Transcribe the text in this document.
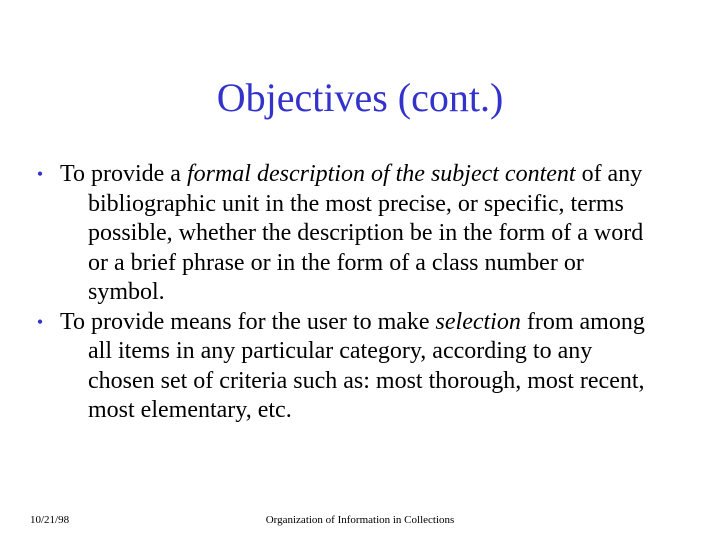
Objectives (cont.)
• To provide a formal description of the subject content of any bibliographic unit in the most precise, or specific, terms possible, whether the description be in the form of a word or a brief phrase or in the form of a class number or symbol.
• To provide means for the user to make selection from among all items in any particular category, according to any chosen set of criteria such as: most thorough, most recent, most elementary, etc.
10/21/98	Organization of Information in Collections
